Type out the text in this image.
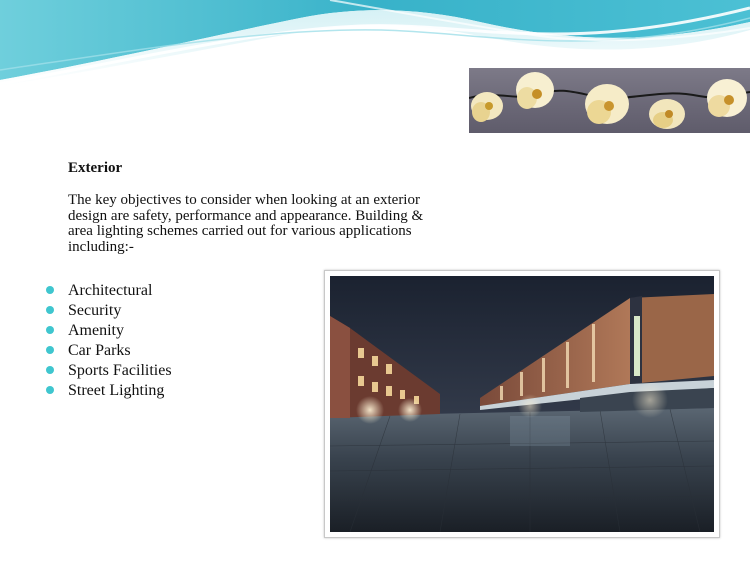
Exterior
The key objectives to consider when looking at an exterior design are safety, performance and appearance. Building & area lighting schemes carried out for various applications including:-
Architectural
Security
Amenity
Car Parks
Sports Facilities
Street Lighting
